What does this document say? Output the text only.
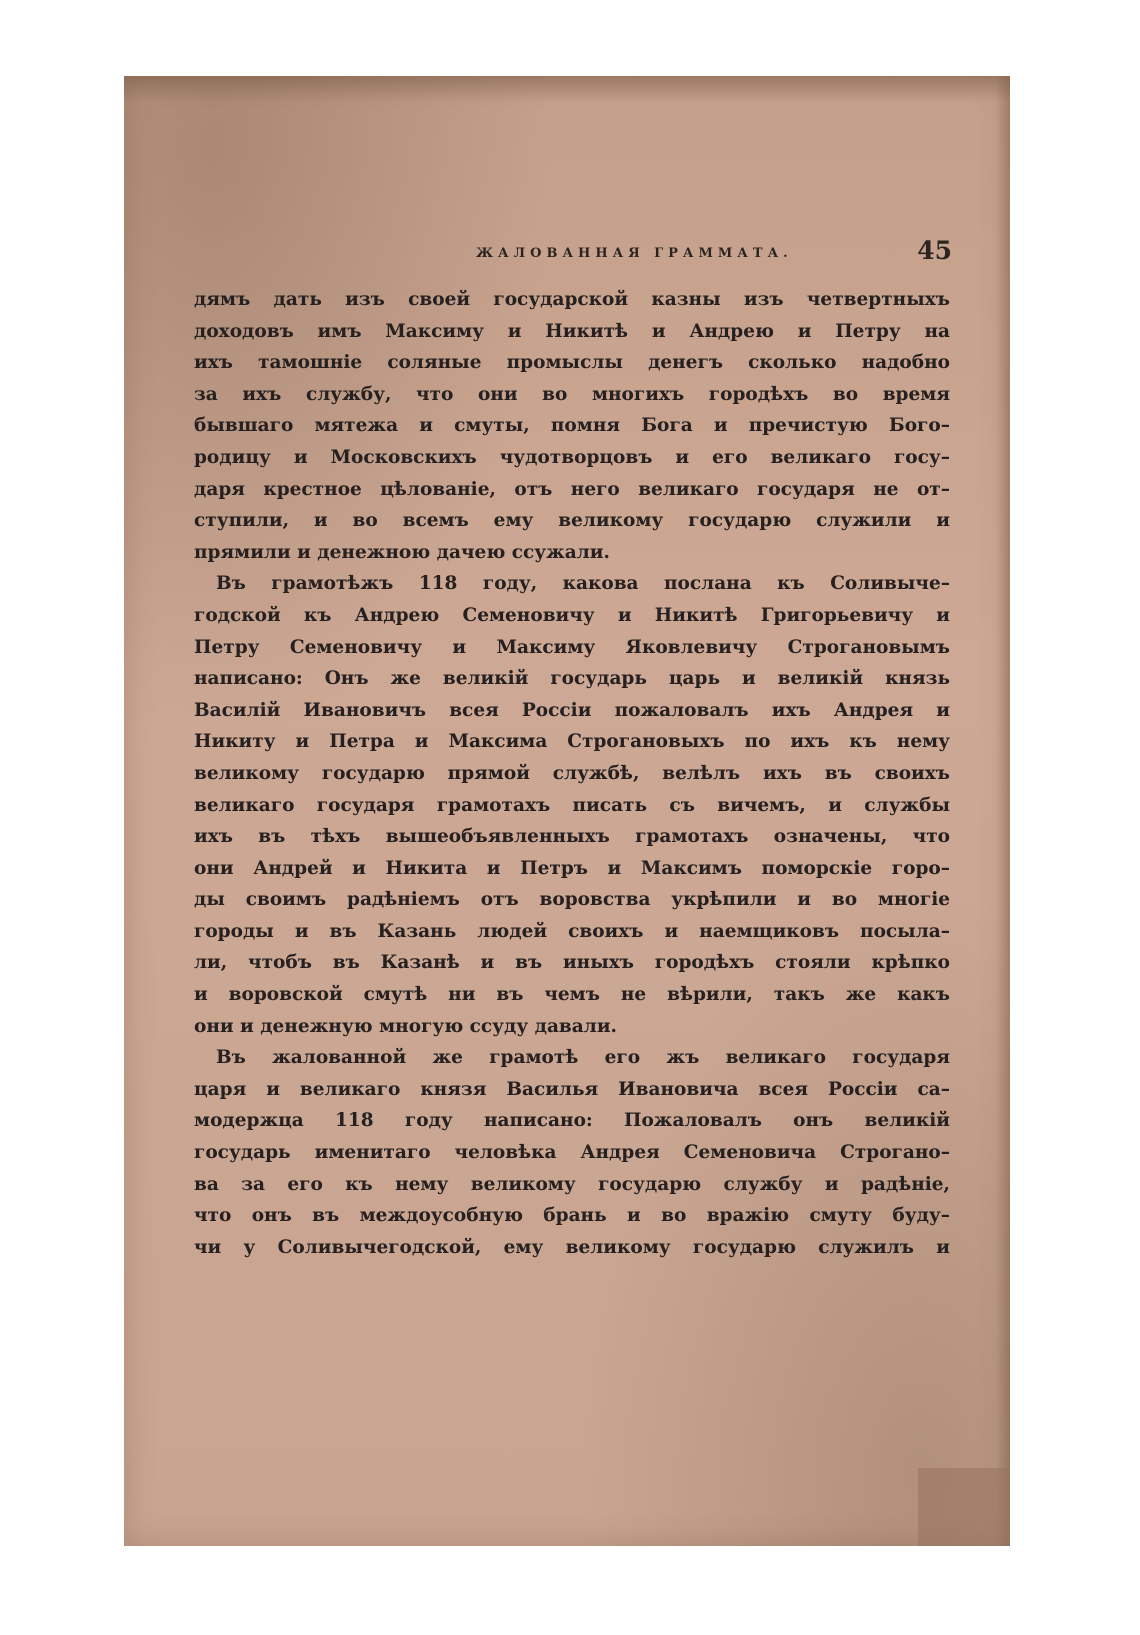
ЖАЛОВАННАЯ ГРАММАТА.	45
дямъ дать изъ своей государской казны изъ четвертныхъ
доходовъ имъ Максиму и Никитѣ и Андрею и Петру на
ихъ тамошніе соляные промыслы денегъ сколько надобно
за ихъ службу, что они во многихъ городѣхъ во время
бывшаго мятежа и смуты, помня Бога и пречистую Бого–
родицу и Московскихъ чудотворцовъ и его великаго госу–
даря крестное цѣлованіе, отъ него великаго государя не от–
ступили, и во всемъ ему великому государю служили и
прямили и денежною дачею ссужали.
Въ грамотѣжъ 118 году, какова послана къ Соливыче–
годской къ Андрею Семеновичу и Никитѣ Григорьевичу и
Петру Семеновичу и Максиму Яковлевичу Строгановымъ
написано: Онъ же великій государь царь и великій князь
Василій Ивановичъ всея Россіи пожаловалъ ихъ Андрея и
Никиту и Петра и Максима Строгановыхъ по ихъ къ нему
великому государю прямой службѣ, велѣлъ ихъ въ своихъ
великаго государя грамотахъ писать съ вичемъ, и службы
ихъ въ тѣхъ вышеобъявленныхъ грамотахъ означены, что
они Андрей и Никита и Петръ и Максимъ поморскіе горо–
ды своимъ радѣніемъ отъ воровства укрѣпили и во многіе
городы и въ Казань людей своихъ и наемщиковъ посыла–
ли, чтобъ въ Казанѣ и въ иныхъ городѣхъ стояли крѣпко
и воровской смутѣ ни въ чемъ не вѣрили, такъ же какъ
они и денежную многую ссуду давали.
Въ жалованной же грамотѣ его жъ великаго государя
царя и великаго князя Василья Ивановича всея Россіи са–
модержца 118 году написано: Пожаловалъ онъ великій
государь именитаго человѣка Андрея Семеновича Строгано–
ва за его къ нему великому государю службу и радѣніе,
что онъ въ междоусобную брань и во вражію смуту буду–
чи у Соливычегодской, ему великому государю служилъ и
